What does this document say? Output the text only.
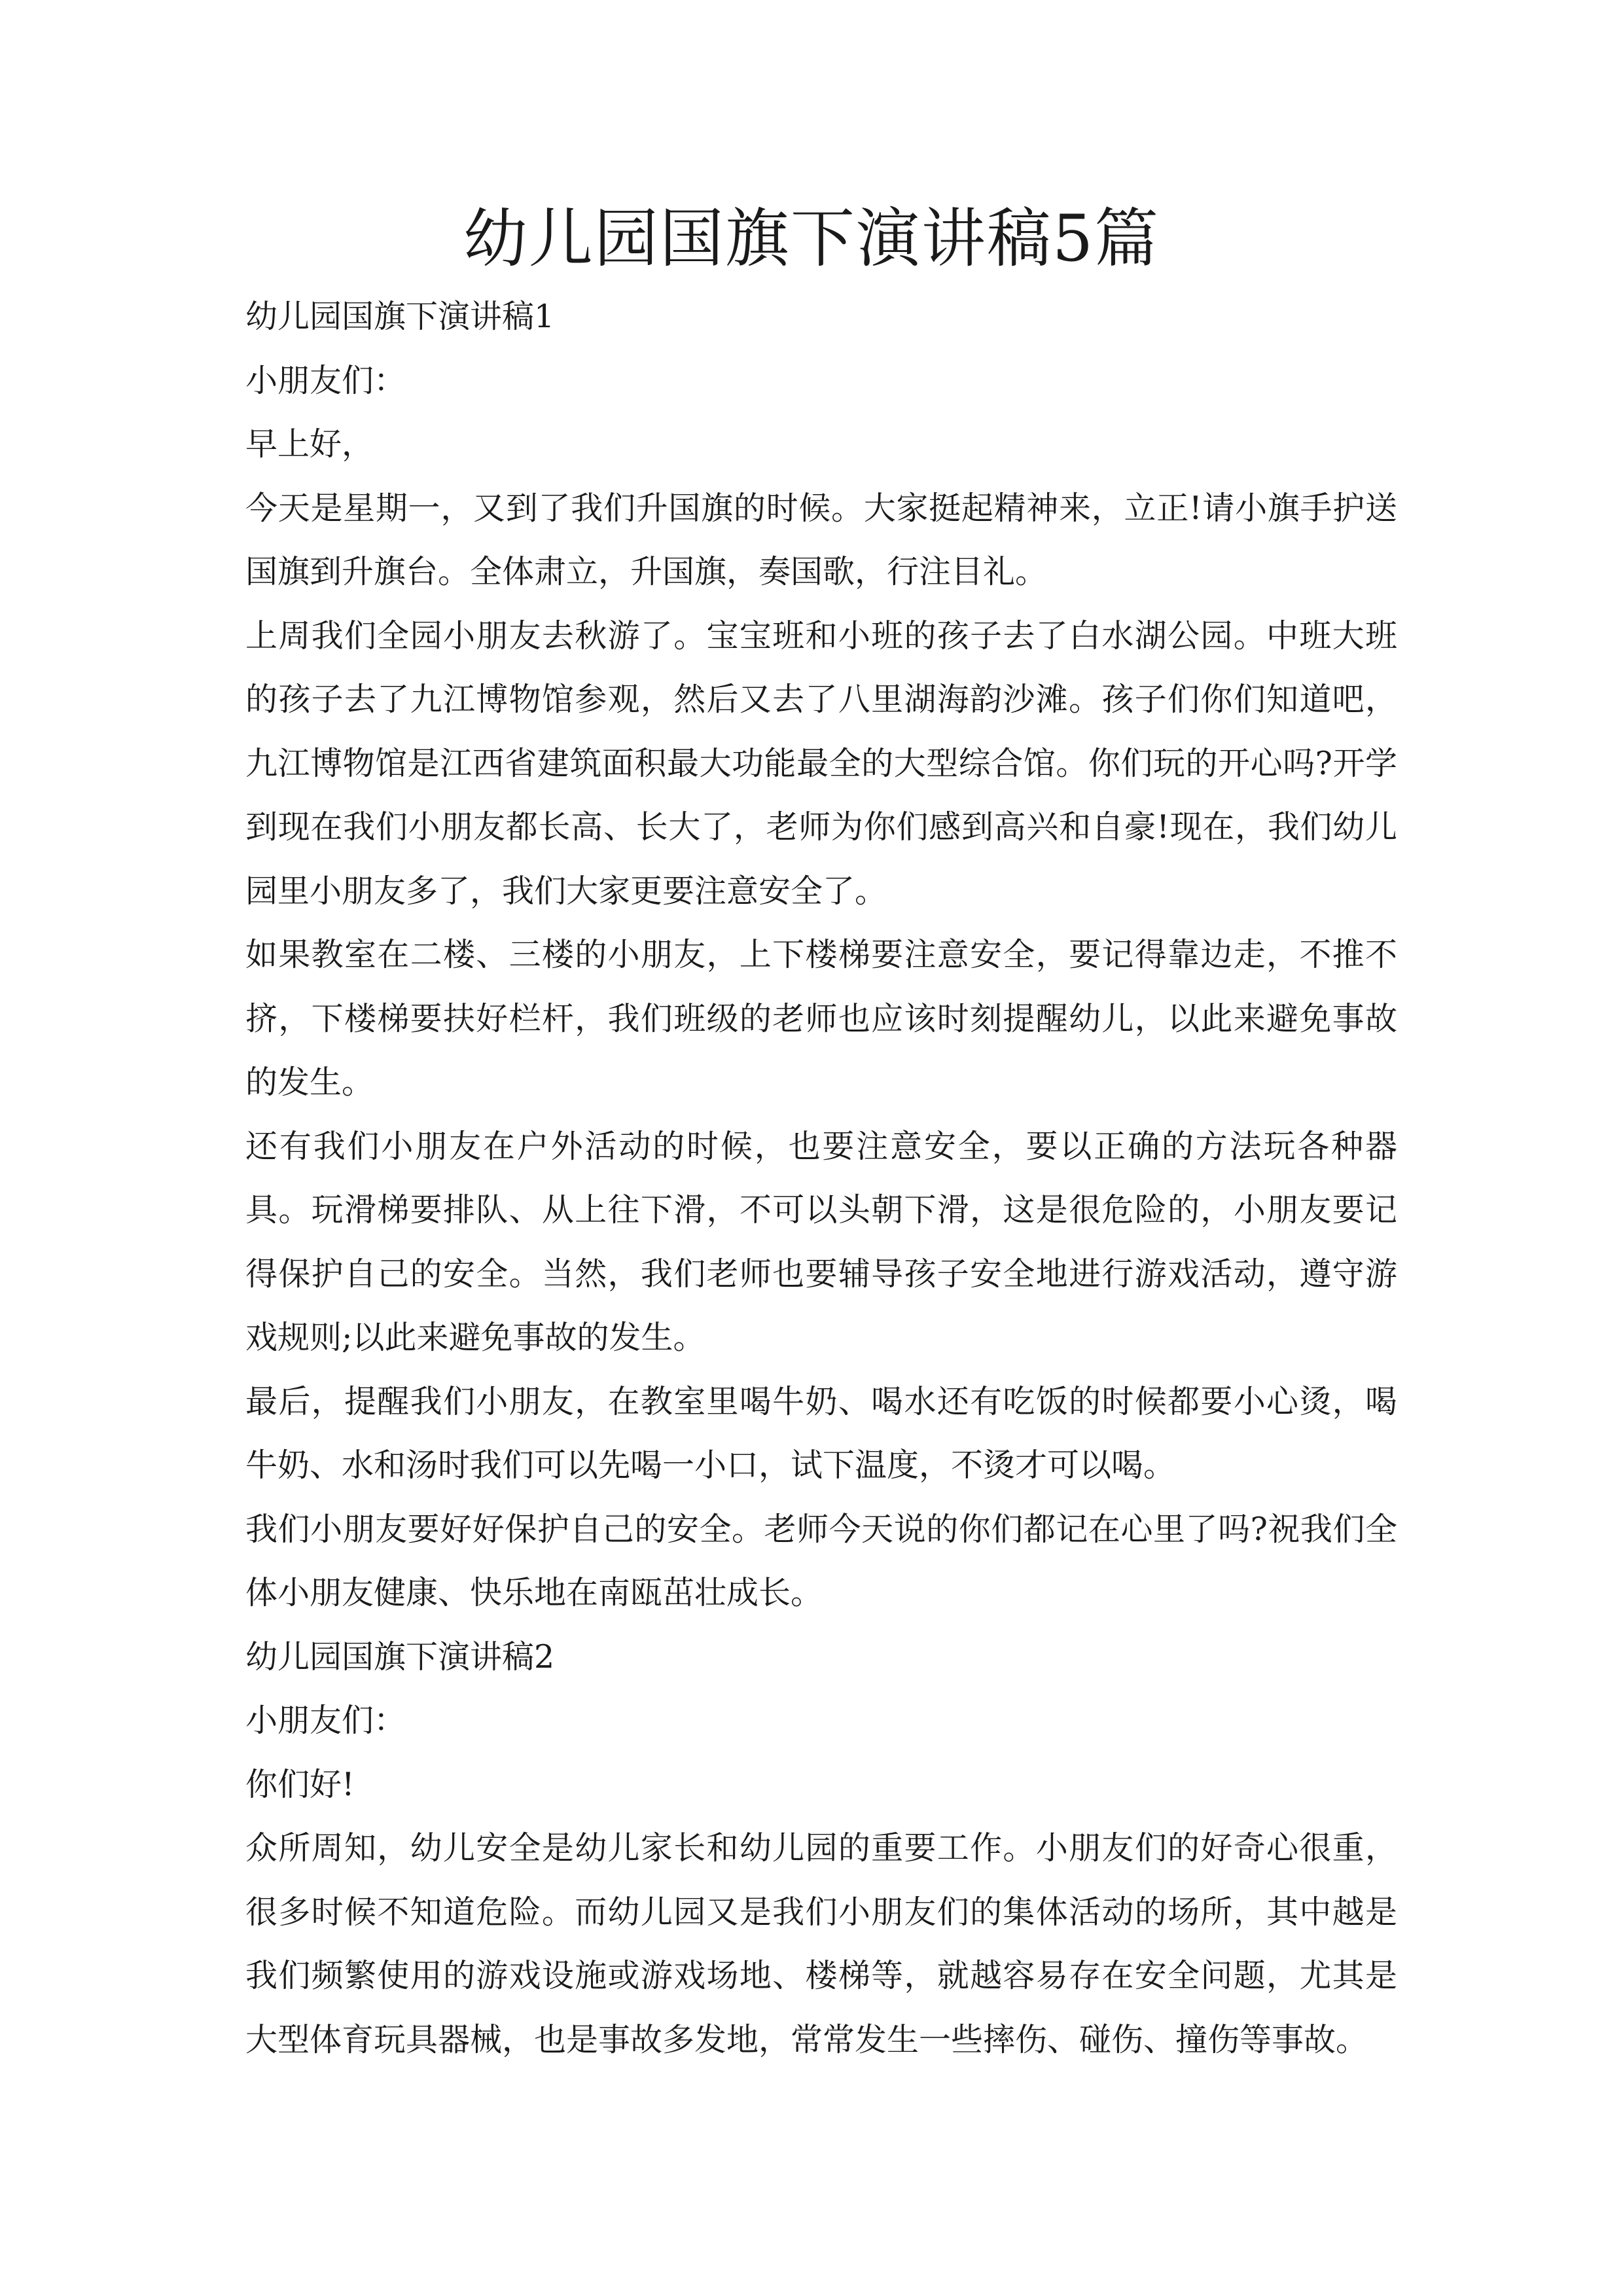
幼儿园国旗下演讲稿5篇

幼儿园国旗下演讲稿1

小朋友们：

早上好，

今天是星期一，又到了我们升国旗的时候。大家挺起精神来，立正!请小旗手护送国旗到升旗台。全体肃立，升国旗，奏国歌，行注目礼。

上周我们全园小朋友去秋游了。宝宝班和小班的孩子去了白水湖公园。中班大班的孩子去了九江博物馆参观，然后又去了八里湖海韵沙滩。孩子们你们知道吧，九江博物馆是江西省建筑面积最大功能最全的大型综合馆。你们玩的开心吗?开学到现在我们小朋友都长高、长大了，老师为你们感到高兴和自豪!现在，我们幼儿园里小朋友多了，我们大家更要注意安全了。

如果教室在二楼、三楼的小朋友，上下楼梯要注意安全，要记得靠边走，不推不挤，下楼梯要扶好栏杆，我们班级的老师也应该时刻提醒幼儿，以此来避免事故的发生。

还有我们小朋友在户外活动的时候，也要注意安全，要以正确的方法玩各种器具。玩滑梯要排队、从上往下滑，不可以头朝下滑，这是很危险的，小朋友要记得保护自己的安全。当然，我们老师也要辅导孩子安全地进行游戏活动，遵守游戏规则;以此来避免事故的发生。

最后，提醒我们小朋友，在教室里喝牛奶、喝水还有吃饭的时候都要小心烫，喝牛奶、水和汤时我们可以先喝一小口，试下温度，不烫才可以喝。

我们小朋友要好好保护自己的安全。老师今天说的你们都记在心里了吗?祝我们全体小朋友健康、快乐地在南瓯茁壮成长。

幼儿园国旗下演讲稿2

小朋友们：

你们好!

众所周知，幼儿安全是幼儿家长和幼儿园的重要工作。小朋友们的好奇心很重，很多时候不知道危险。而幼儿园又是我们小朋友们的集体活动的场所，其中越是我们频繁使用的游戏设施或游戏场地、楼梯等，就越容易存在安全问题，尤其是大型体育玩具器械，也是事故多发地，常常发生一些摔伤、碰伤、撞伤等事故。
